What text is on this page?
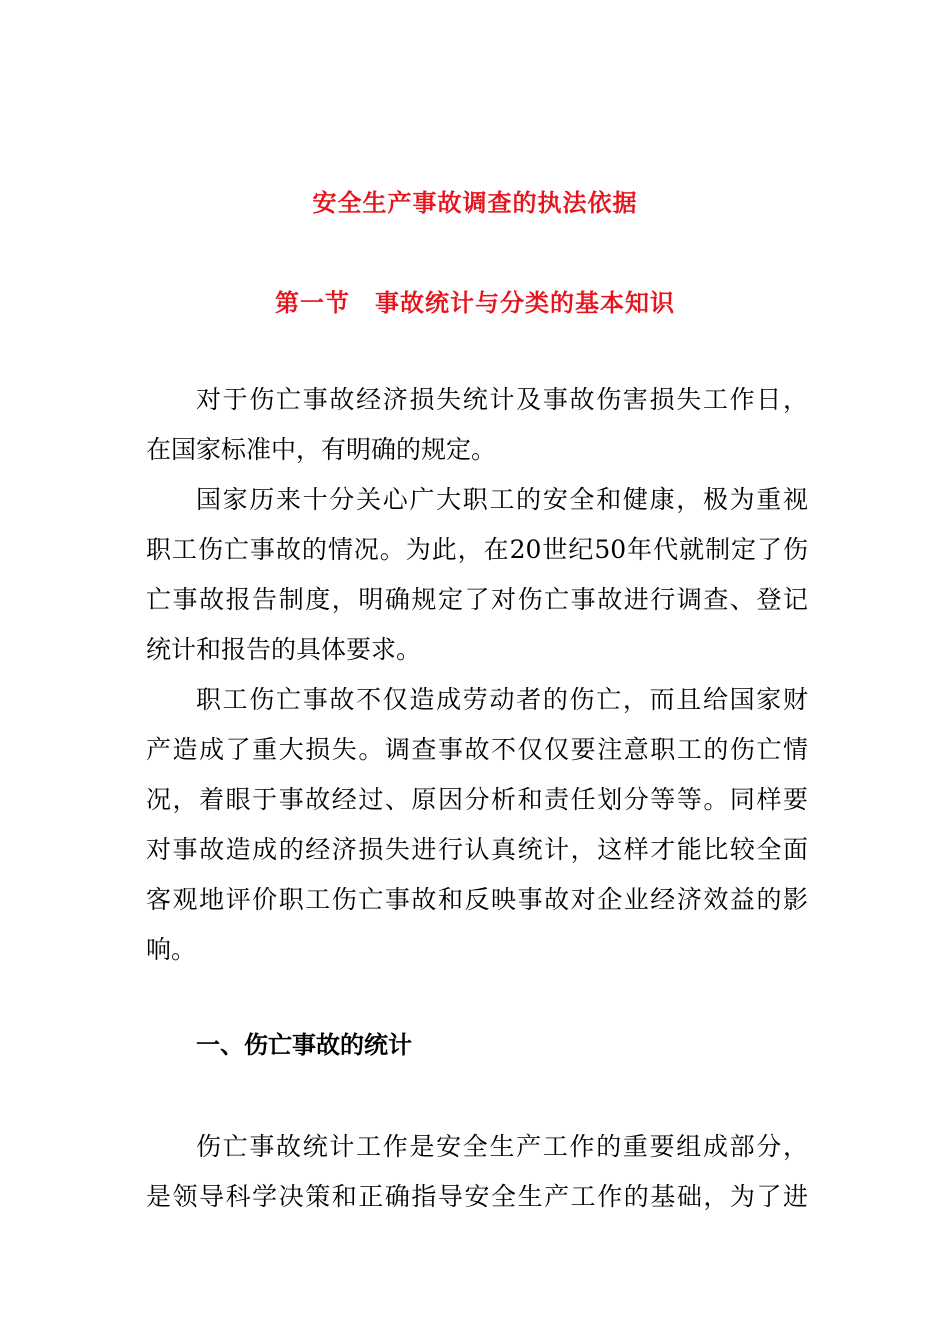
安全生产事故调查的执法依据
第一节　事故统计与分类的基本知识
对于伤亡事故经济损失统计及事故伤害损失工作日，
在国家标准中，有明确的规定。
国家历来十分关心广大职工的安全和健康，极为重视
职工伤亡事故的情况。为此，在20世纪50年代就制定了伤
亡事故报告制度，明确规定了对伤亡事故进行调查、登记
统计和报告的具体要求。
职工伤亡事故不仅造成劳动者的伤亡，而且给国家财
产造成了重大损失。调查事故不仅仅要注意职工的伤亡情
况，着眼于事故经过、原因分析和责任划分等等。同样要
对事故造成的经济损失进行认真统计，这样才能比较全面
客观地评价职工伤亡事故和反映事故对企业经济效益的影
响。
一、伤亡事故的统计
伤亡事故统计工作是安全生产工作的重要组成部分，
是领导科学决策和正确指导安全生产工作的基础，为了进
